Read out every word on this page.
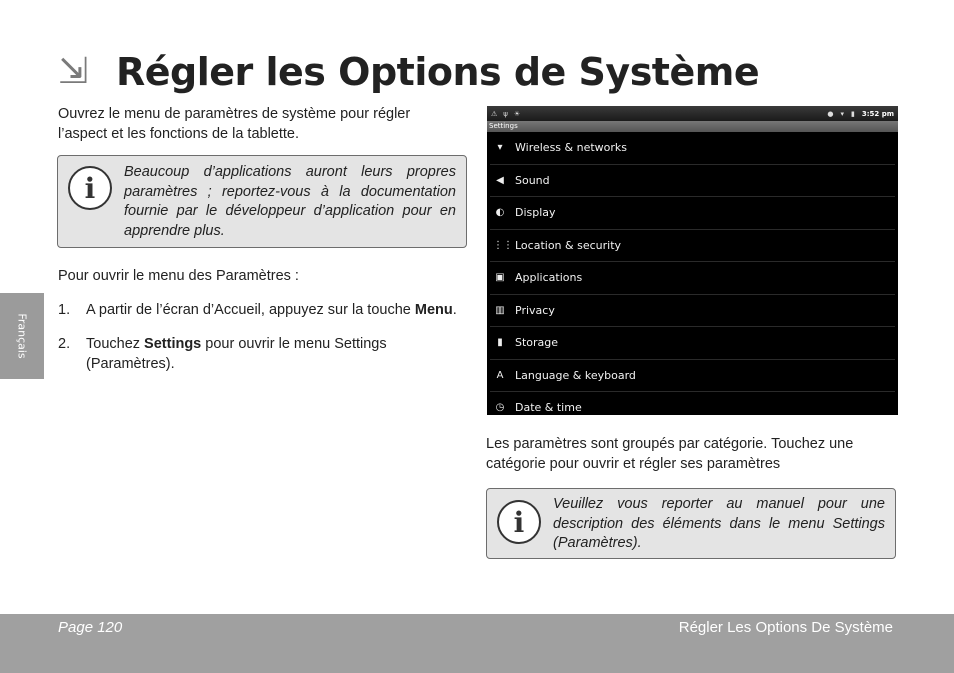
⇲ Régler les Options de Système
Français

Ouvrez le menu de paramètres de système pour régler l’aspect et les fonctions de la tablette.

i	Beaucoup d’applications auront leurs propres paramètres ; reportez-vous à la documentation fournie par le développeur d’application pour en apprendre plus.

Pour ouvrir le menu des Paramètres :

1.	A partir de l’écran d’Accueil, appuyez sur la touche Menu.
2.	Touchez Settings pour ouvrir le menu Settings (Paramètres).
⚠ ψ ☀	● ▾ ▮ 3:52 pm
Settings
▾	Wireless & networks
◀ Sound
◐ Display
⋮⋮ Location & security
▣ Applications
▥ Privacy
▮	Storage
A	Language & keyboard
◷ Date & time

Les paramètres sont groupés par catégorie. Touchez une catégorie pour ouvrir et régler ses paramètres

i

Veuillez vous reporter au manuel pour une description des éléments dans le menu Settings (Paramètres).

Page 120	Régler Les Options De Système
